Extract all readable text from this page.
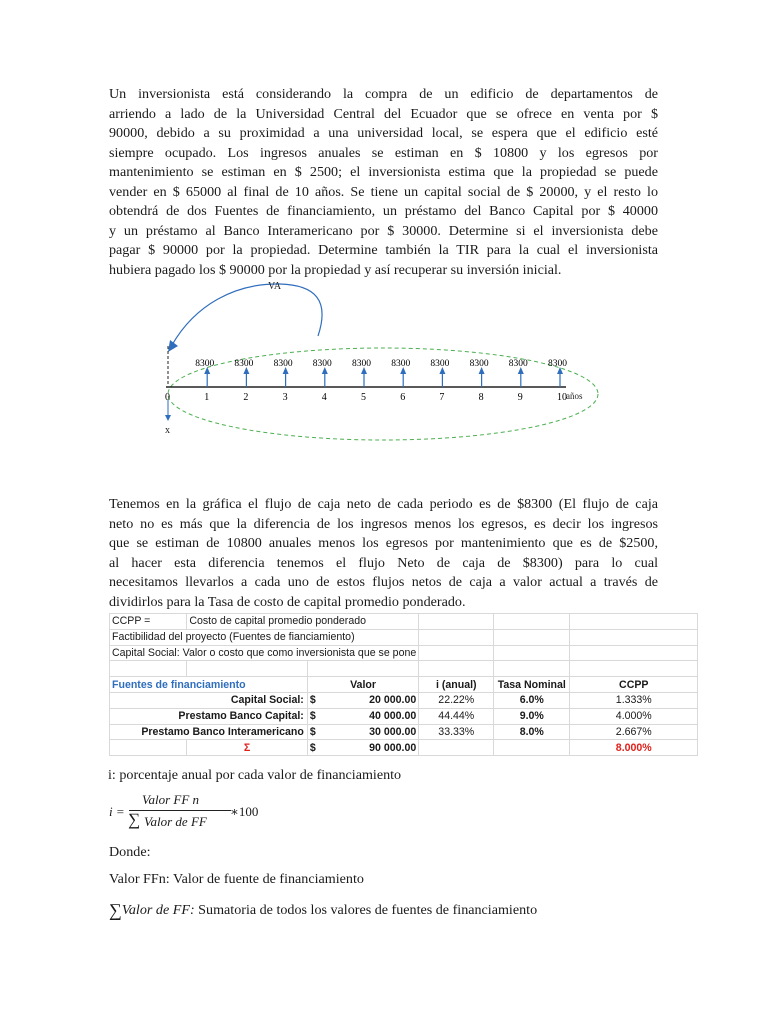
Un inversionista está considerando la compra de un edificio de departamentos de
arriendo a lado de la Universidad Central del Ecuador que se ofrece en venta por $
90000, debido a su proximidad a una universidad local, se espera que el edificio esté
siempre ocupado. Los ingresos anuales se estiman en $ 10800 y los egresos por
mantenimiento se estiman en $ 2500; el inversionista estima que la propiedad se puede
vender en $ 65000 al final de 10 años. Se tiene un capital social de $ 20000, y el resto lo
obtendrá de dos Fuentes de financiamiento, un préstamo del Banco Capital por $ 40000
y un préstamo al Banco Interamericano por $ 30000. Determine si el inversionista debe
pagar $ 90000 por la propiedad. Determine también la TIR para la cual el inversionista
hubiera pagado los $ 90000 por la propiedad y así recuperar su inversión inicial.
VA
x
años
8300 8300 8300 8300 8300 8300 8300 8300 8300 8300
0	1	2	3	4	5	6	7	8	9	10
Tenemos en la gráfica el flujo de caja neto de cada periodo es de $8300 (El flujo de caja
neto no es más que la diferencia de los ingresos menos los egresos, es decir los ingresos
que se estiman de 10800 anuales menos los egresos por mantenimiento que es de $2500,
al hacer esta diferencia tenemos el flujo Neto de caja de $8300) para lo cual
necesitamos llevarlos a cada uno de estos flujos netos de caja a valor actual a través de
dividirlos para la Tasa de costo de capital promedio ponderado.
CCPP =	Costo de capital promedio ponderado				
Factibilidad del proyecto (Fuentes de fianciamiento)					
Capital Social: Valor o costo que como inversionista que se pone					

Fuentes de financiamiento		Valor	i (anual)	Tasa Nominal	CCPP
Capital Social:		$ 20 000.00	22.22%	6.0%	1.333%
Prestamo Banco Capital:		$ 40 000.00	44.44%	9.0%	4.000%
Prestamo Banco Interamericano		$ 30 000.00	33.33%	8.0%	2.667%
	Σ	$ 90 000.00			8.000%
i: porcentaje anual por cada valor de financiamiento
i =
Valor FF n
∑ Valor de FF
∗100
Donde:
Valor FFn: Valor de fuente de financiamiento
∑Valor de FF: Sumatoria de todos los valores de fuentes de financiamiento
